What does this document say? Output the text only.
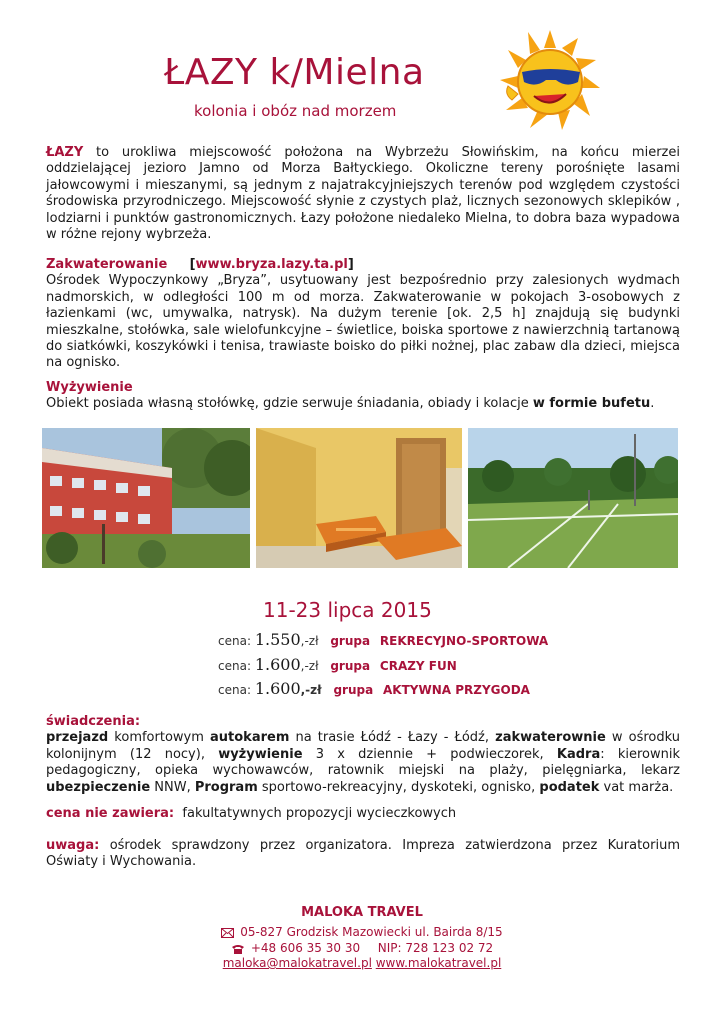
ŁAZY k/Mielna

kolonia i obóz nad morzem

ŁAZY to urokliwa miejscowość położona na Wybrzeżu Słowińskim, na końcu mierzei oddzielającej jezioro Jamno od Morza Bałtyckiego. Okoliczne tereny porośnięte lasami jałowcowymi i mieszanymi, są jednym z najatrakcyjniejszych terenów pod względem czystości środowiska przyrodniczego. Miejscowość słynie z czystych plaż, licznych sezonowych sklepików , lodziarni i punktów gastronomicznych. Łazy położone niedaleko Mielna, to dobra baza wypadowa w różne rejony wybrzeża.

Zakwaterowanie [www.bryza.lazy.ta.pl]
Ośrodek Wypoczynkowy „Bryza”, usytuowany jest bezpośrednio przy zalesionych wydmach nadmorskich, w odległości 100 m od morza. Zakwaterowanie w pokojach 3-osobowych z łazienkami (wc, umywalka, natrysk). Na dużym terenie [ok. 2,5 h] znajdują się budynki mieszkalne, stołówka, sale wielofunkcyjne – świetlice, boiska sportowe z nawierzchnią tartanową do siatkówki, koszykówki i tenisa, trawiaste boisko do piłki nożnej, plac zabaw dla dzieci, miejsca na ognisko.

Wyżywienie
Obiekt posiada własną stołówkę, gdzie serwuje śniadania, obiady i kolacje w formie bufetu.

11-23 lipca 2015

cena: 1.550,-zł grupa REKRECYJNO-SPORTOWA
cena: 1.600,-zł grupa CRAZY FUN
cena: 1.600,-zł grupa AKTYWNA PRZYGODA

świadczenia:
przejazd komfortowym autokarem na trasie Łódź - Łazy - Łódź, zakwaterownie w ośrodku kolonijnym (12 nocy), wyżywienie 3 x dziennie + podwieczorek, Kadra: kierownik pedagogiczny, opieka wychowawców, ratownik miejski na plaży, pielęgniarka, lekarz ubezpieczenie NNW, Program sportowo-rekreacyjny, dyskoteki, ognisko, podatek vat marża.

cena nie zawiera:  fakultatywnych propozycji wycieczkowych

uwaga: ośrodek sprawdzony przez organizatora. Impreza zatwierdzona przez Kuratorium Oświaty i Wychowania.

MALOKA TRAVEL
05-827 Grodzisk Mazowiecki ul. Bairda 8/15
+48 606 35 30 30 NIP: 728 123 02 72
maloka@malokatravel.pl www.malokatravel.pl
